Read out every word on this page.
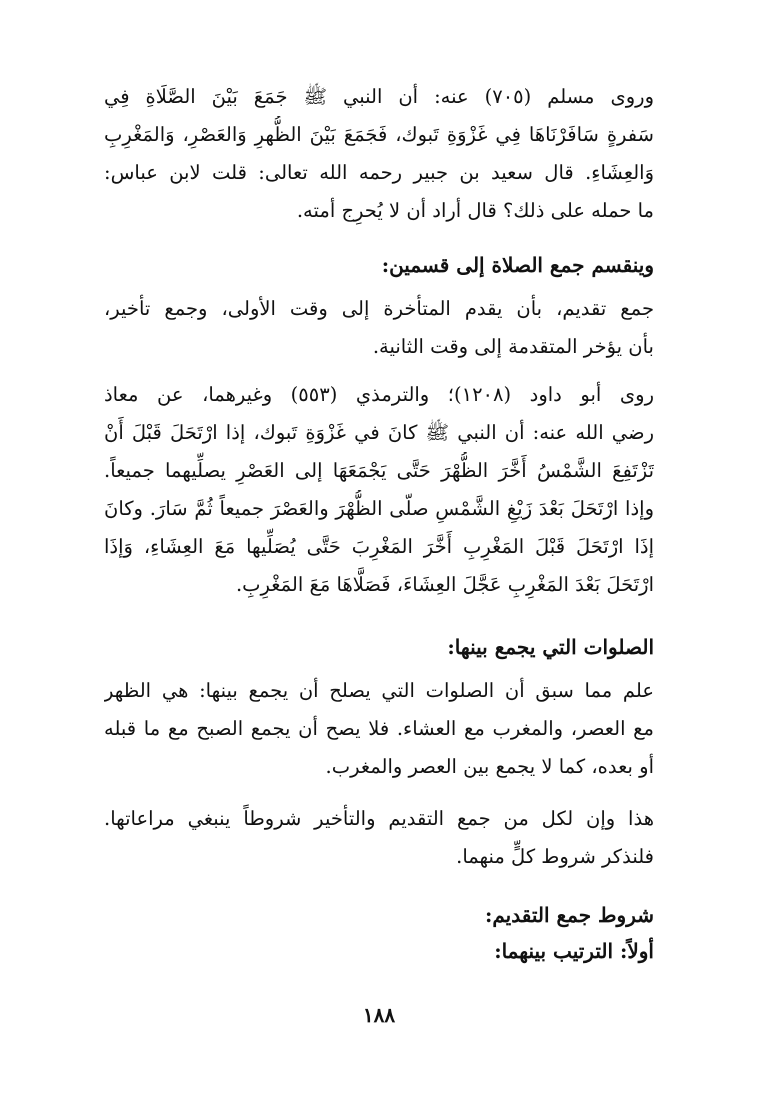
وروى مسلم (٧٠٥) عنه: أن النبي ﷺ جَمَعَ بَيْنَ الصَّلَاةِ فِي
سَفرةٍ سَافَرْنَاهَا فِي غَزْوَةِ تَبوك، فَجَمَعَ بَيْنَ الظُّهرِ وَالعَصْرِ، وَالمَغْرِبِ
وَالعِشَاءِ. قال سعيد بن جبير رحمه الله تعالى: قلت لابن عباس:
ما حمله على ذلك؟ قال أراد أن لا يُحرِج أمته.
وينقسم جمع الصلاة إلى قسمين:
جمع تقديم، بأن يقدم المتأخرة إلى وقت الأولى، وجمع تأخير،
بأن يؤخر المتقدمة إلى وقت الثانية.
روى أبو داود (١٢٠٨)؛ والترمذي (٥٥٣) وغيرهما، عن معاذ
رضي الله عنه: أن النبي ﷺ كانَ في غَزْوَةِ تَبوك، إذا ارْتَحَلَ قَبْلَ أَنْ
تَزْتَفِعَ الشَّمْسُ أَخَّرَ الظُّهْرَ حَتَّى يَجْمَعَهَا إلى العَصْرِ يصلِّيهما جميعاً.
وإذا ارْتَحَلَ بَعْدَ زَيْغِ الشَّمْسِ صلّى الظُّهْرَ والعَصْرَ جميعاً ثُمَّ سَارَ. وكانَ
إذَا ارْتَحَلَ قَبْلَ المَغْرِبِ أَخَّرَ المَغْرِبَ حَتَّى يُصَلِّيها مَعَ العِشَاءِ، وَإذَا
ارْتَحَلَ بَعْدَ المَغْرِبِ عَجَّلَ العِشَاءَ، فَصَلَّاهَا مَعَ المَغْرِبِ.
الصلوات التي يجمع بينها:
علم مما سبق أن الصلوات التي يصلح أن يجمع بينها: هي الظهر
مع العصر، والمغرب مع العشاء. فلا يصح أن يجمع الصبح مع ما قبله
أو بعده، كما لا يجمع بين العصر والمغرب.
هذا وإن لكل من جمع التقديم والتأخير شروطاً ينبغي مراعاتها.
فلنذكر شروط كلٍّ منهما.
شروط جمع التقديم:
أولاً: الترتيب بينهما:
١٨٨
